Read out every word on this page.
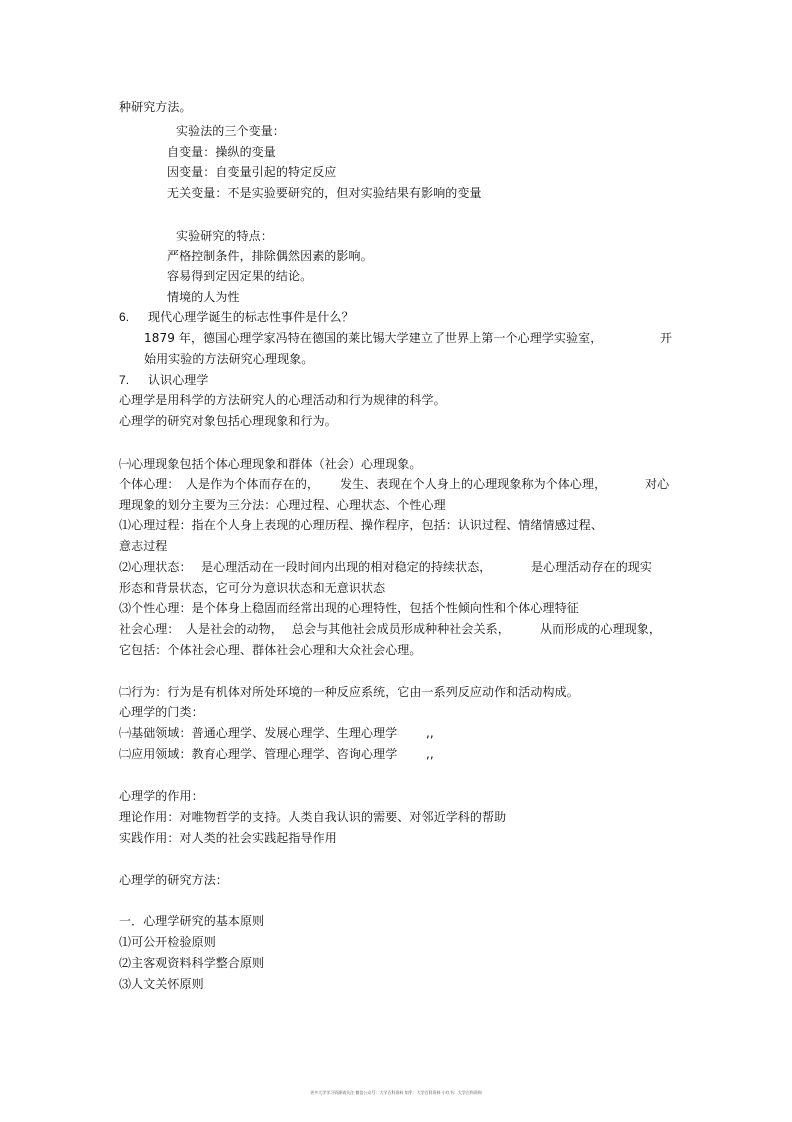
种研究方法。
实验法的三个变量：
自变量：操纵的变量
因变量：自变量引起的特定反应
无关变量：不是实验要研究的，但对实验结果有影响的变量
实验研究的特点：
严格控制条件，排除偶然因素的影响。
容易得到定因定果的结论。
情境的人为性
6. 现代心理学诞生的标志性事件是什么？
1879 年，德国心理学家冯特在德国的莱比锡大学建立了世界上第一个心理学实验室，	开
始用实验的方法研究心理现象。
7. 认识心理学
心理学是用科学的方法研究人的心理活动和行为规律的科学。
心理学的研究对象包括心理现象和行为。
㈠心理现象包括个体心理现象和群体（社会）心理现象。
个体心理： 人是作为个体而存在的， 发生、表现在个人身上的心理现象称为个体心理，	对心
理现象的划分主要为三分法：心理过程、心理状态、个性心理
⑴心理过程：指在个人身上表现的心理历程、操作程序，包括：认识过程、情绪情感过程、
意志过程
⑵心理状态： 是心理活动在一段时间内出现的相对稳定的持续状态，	是心理活动存在的现实
形态和背景状态，它可分为意识状态和无意识状态
⑶个性心理：是个体身上稳固而经常出现的心理特性，包括个性倾向性和个体心理特征
社会心理： 人是社会的动物， 总会与其他社会成员形成种种社会关系，	从而形成的心理现象，
它包括：个体社会心理、群体社会心理和大众社会心理。
㈡行为：行为是有机体对所处环境的一种反应系统，它由一系列反应动作和活动构成。
心理学的门类：
㈠基础领域：普通心理学、发展心理学、生理心理学 ,,
㈡应用领域：教育心理学、管理心理学、咨询心理学 ,,
心理学的作用：
理论作用：对唯物哲学的支持。人类自我认识的需要、对邻近学科的帮助
实践作用：对人类的社会实践起指导作用
心理学的研究方法：
一．心理学研究的基本原则
⑴可公开检验原则
⑵主客观资料科学整合原则
⑶人文关怀原则
更多大学学习资源请关注 微信公众号：大学百科资料 知乎：大学百科资料 小红书：大学百科资料
